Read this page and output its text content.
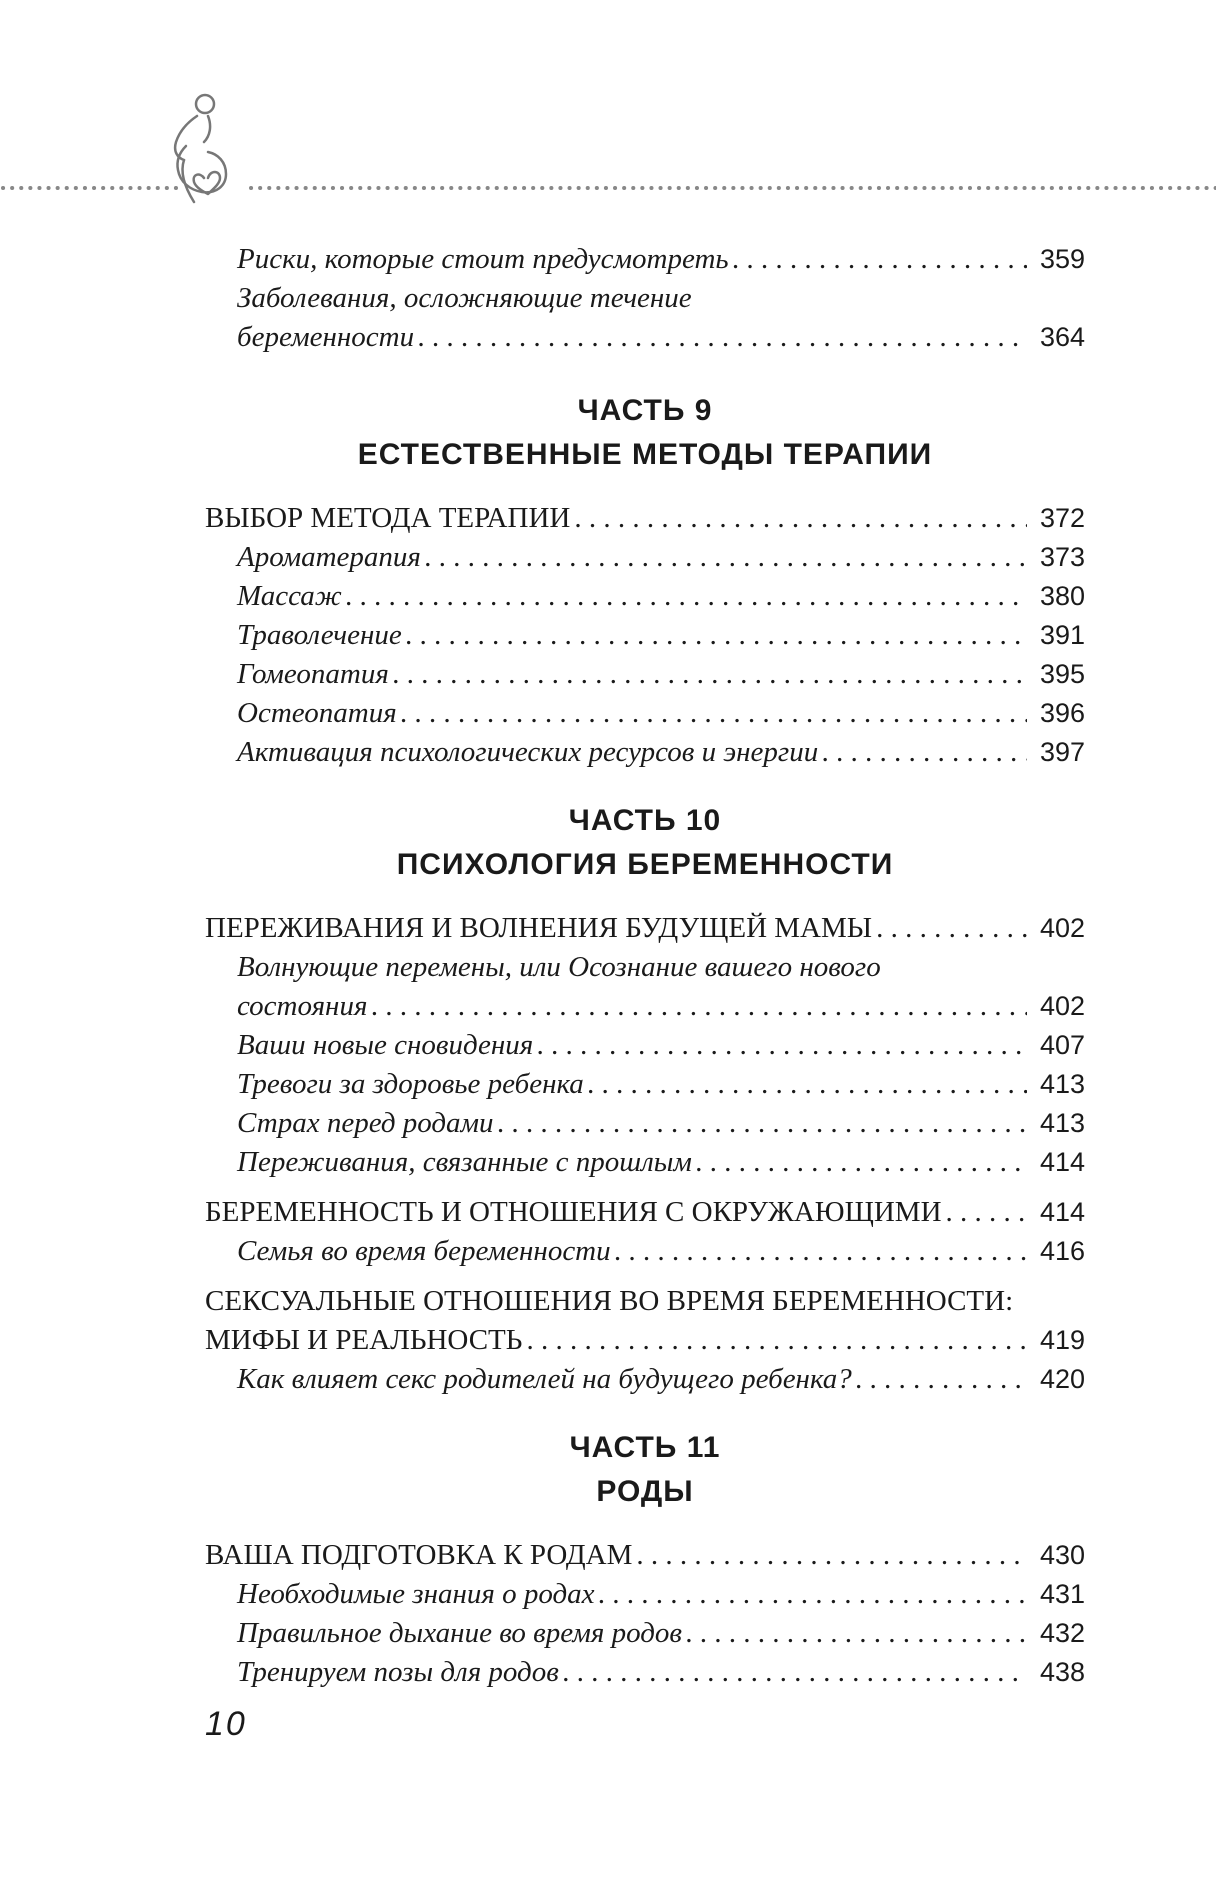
Риски, которые стоит предусмотреть . . .	359
Заболевания, осложняющие течение
беременности . . .	364
ЧАСТЬ 9
ЕСТЕСТВЕННЫЕ МЕТОДЫ ТЕРАПИИ
ВЫБОР МЕТОДА ТЕРАПИИ . . .	372
Ароматерапия . . .	373
Массаж . . .	380
Траволечение . . .	391
Гомеопатия . . .	395
Остеопатия . . .	396
Активация психологических ресурсов и энергии . . .	397
ЧАСТЬ 10
ПСИХОЛОГИЯ БЕРЕМЕННОСТИ
ПЕРЕЖИВАНИЯ И ВОЛНЕНИЯ БУДУЩЕЙ МАМЫ . . .	402
Волнующие перемены, или Осознание вашего нового
состояния . . .	402
Ваши новые сновидения . . .	407
Тревоги за здоровье ребенка . . .	413
Страх перед родами . . .	413
Переживания, связанные с прошлым . . .	414
БЕРЕМЕННОСТЬ И ОТНОШЕНИЯ С ОКРУЖАЮЩИМИ . . .	414
Семья во время беременности . . .	416
СЕКСУАЛЬНЫЕ ОТНОШЕНИЯ ВО ВРЕМЯ БЕРЕМЕННОСТИ:
МИФЫ И РЕАЛЬНОСТЬ . . .	419
Как влияет секс родителей на будущего ребенка? . . .	420
ЧАСТЬ 11
РОДЫ
ВАША ПОДГОТОВКА К РОДАМ . . .	430
Необходимые знания о родах . . .	431
Правильное дыхание во время родов . . .	432
Тренируем позы для родов . . .	438
10
